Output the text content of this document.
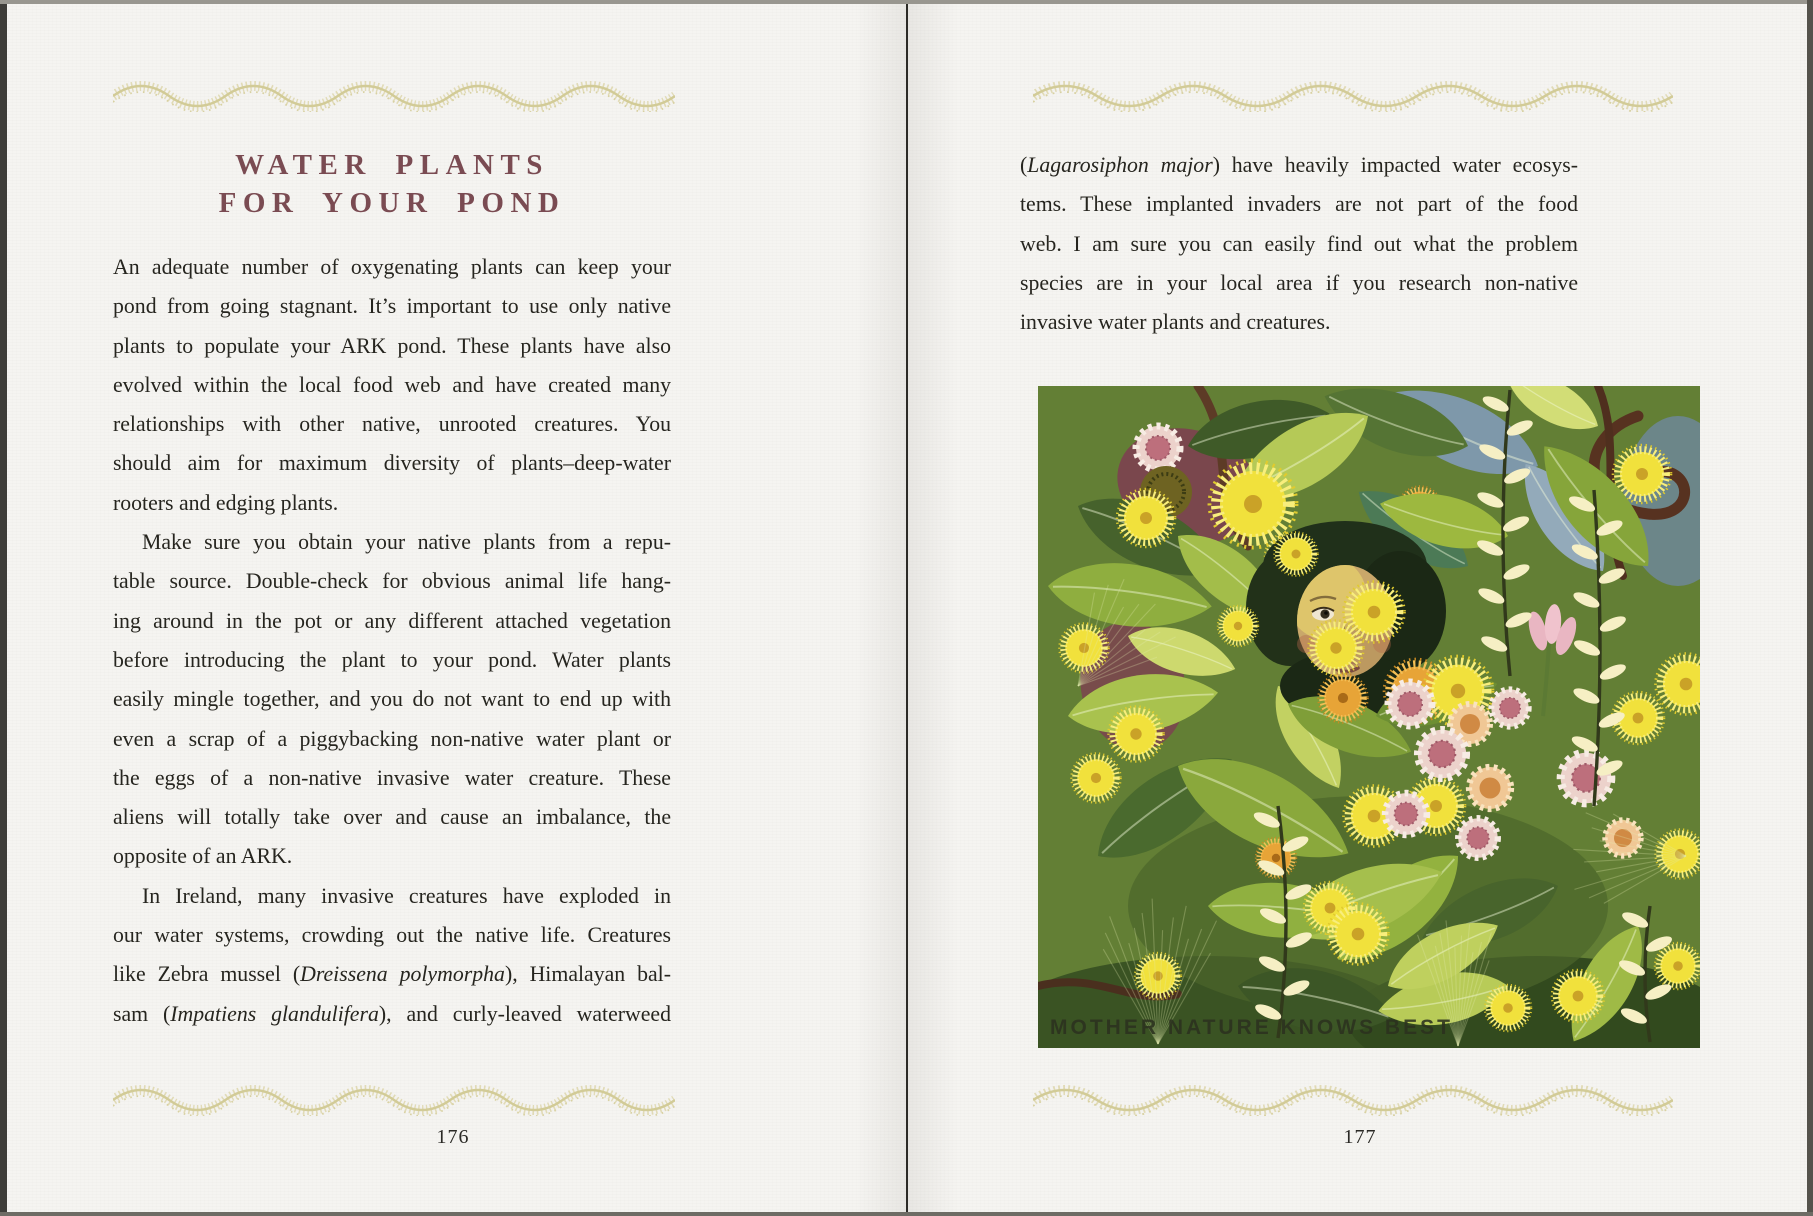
WATER PLANTS
FOR YOUR POND
An adequate number of oxygenating plants can keep your
pond from going stagnant. It’s important to use only native
plants to populate your ARK pond. These plants have also
evolved within the local food web and have created many
relationships with other native, unrooted creatures. You
should aim for maximum diversity of plants–deep-water
rooters and edging plants.
Make sure you obtain your native plants from a repu-
table source. Double-check for obvious animal life hang-
ing around in the pot or any different attached vegetation
before introducing the plant to your pond. Water plants
easily mingle together, and you do not want to end up with
even a scrap of a piggybacking non-native water plant or
the eggs of a non-native invasive water creature. These
aliens will totally take over and cause an imbalance, the
opposite of an ARK.
In Ireland, many invasive creatures have exploded in
our water systems, crowding out the native life. Creatures
like Zebra mussel (Dreissena polymorpha), Himalayan bal-
sam (Impatiens glandulifera), and curly-leaved waterweed
176
(Lagarosiphon major) have heavily impacted water ecosys-
tems. These implanted invaders are not part of the food
web. I am sure you can easily find out what the problem
species are in your local area if you research non-native
invasive water plants and creatures.
177
MOTHER NATURE KNOWS BEST
